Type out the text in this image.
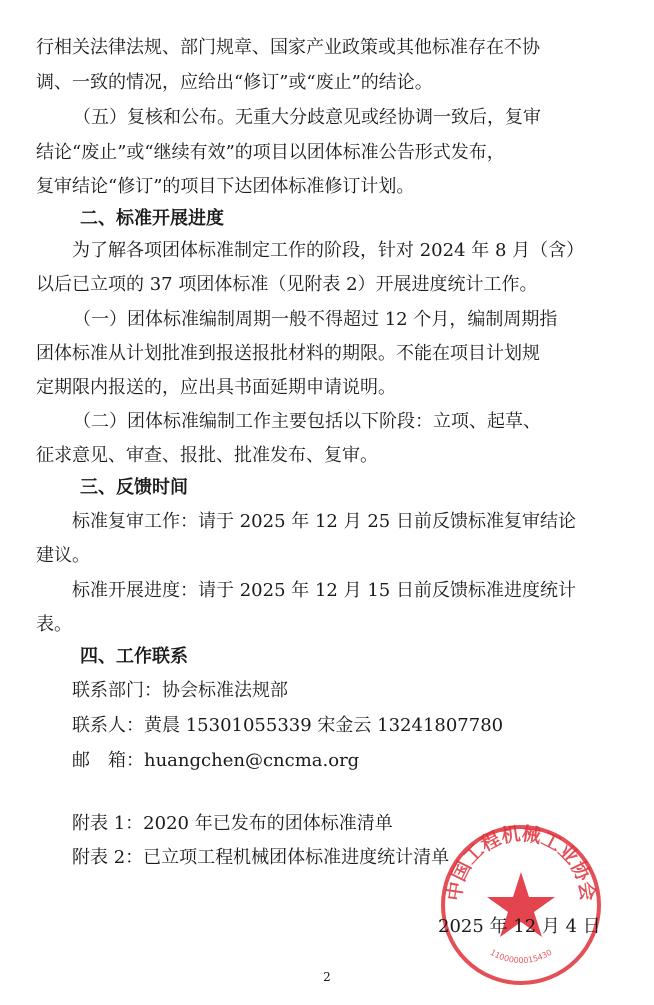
行相关法律法规、部门规章、国家产业政策或其他标准存在不协
调、一致的情况，应给出“修订”或“废止”的结论。
（五）复核和公布。无重大分歧意见或经协调一致后，复审
结论“废止”或“继续有效”的项目以团体标准公告形式发布，
复审结论“修订”的项目下达团体标准修订计划。
二、标准开展进度
为了解各项团体标准制定工作的阶段，针对 2024 年 8 月（含）
以后已立项的 37 项团体标准（见附表 2）开展进度统计工作。
（一）团体标准编制周期一般不得超过 12 个月，编制周期指
团体标准从计划批准到报送报批材料的期限。不能在项目计划规
定期限内报送的，应出具书面延期申请说明。
（二）团体标准编制工作主要包括以下阶段：立项、起草、
征求意见、审查、报批、批准发布、复审。
三、反馈时间
标准复审工作：请于 2025 年 12 月 25 日前反馈标准复审结论
建议。
标准开展进度：请于 2025 年 12 月 15 日前反馈标准进度统计
表。
四、工作联系
联系部门：协会标准法规部
联系人：黄晨 15301055339 宋金云 13241807780
邮　箱：huangchen@cncma.org
附表 1：2020 年已发布的团体标准清单
附表 2：已立项工程机械团体标准进度统计清单
中国工程机械工业协会
1100000015430
2025 年 12 月 4 日
2
